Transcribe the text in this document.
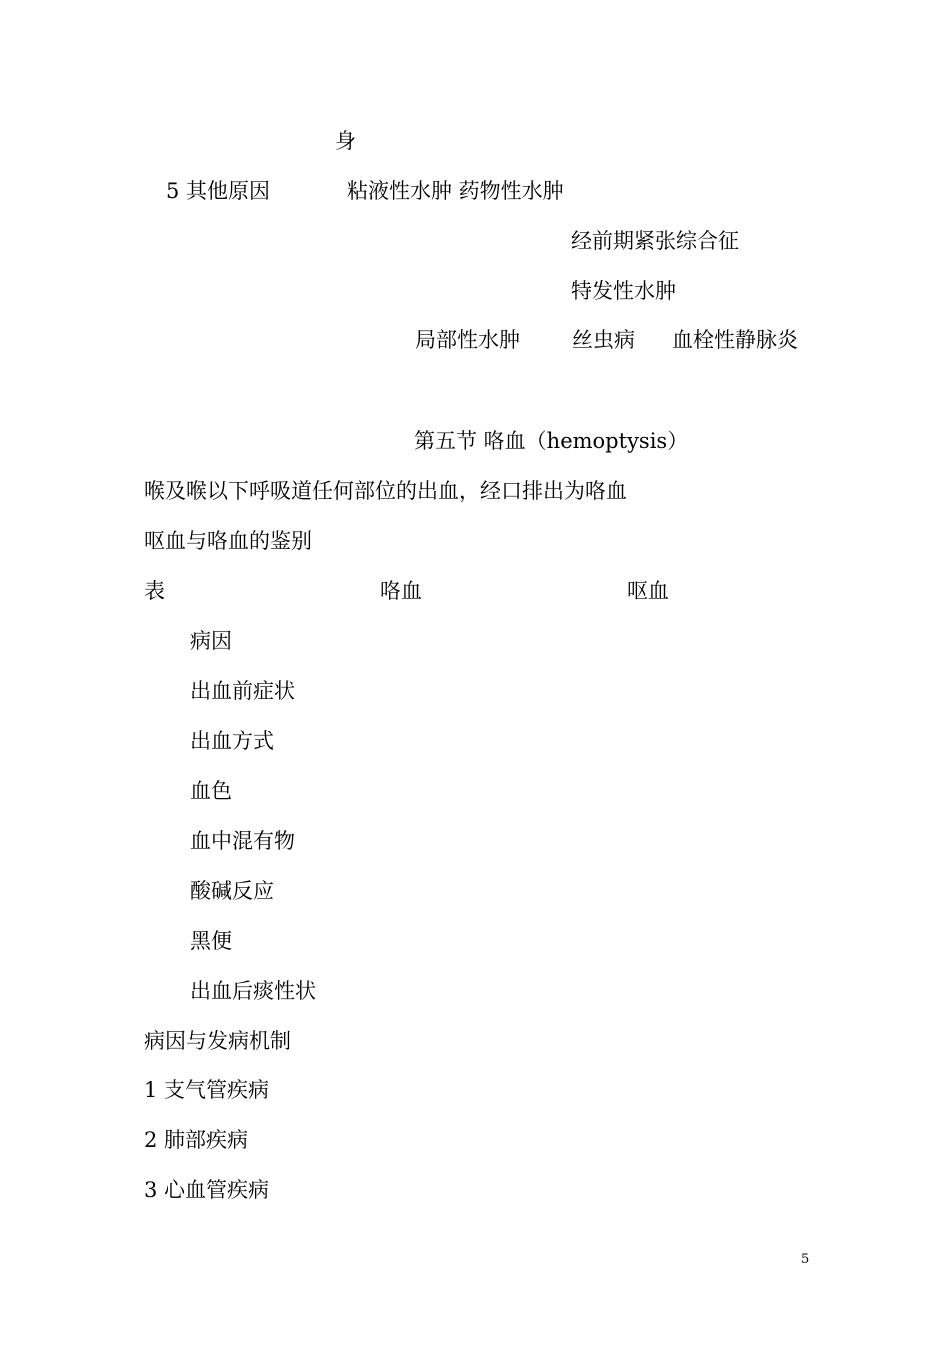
身
5 其他原因	粘液性水肿 药物性水肿
经前期紧张综合征
特发性水肿
局部性水肿 丝虫病 血栓性静脉炎
第五节 咯血（hemoptysis）
喉及喉以下呼吸道任何部位的出血，经口排出为咯血
呕血与咯血的鉴别
表	咯血	呕血
病因
出血前症状
出血方式
血色
血中混有物
酸碱反应
黑便
出血后痰性状
病因与发病机制
1 支气管疾病
2 肺部疾病
3 心血管疾病
5
